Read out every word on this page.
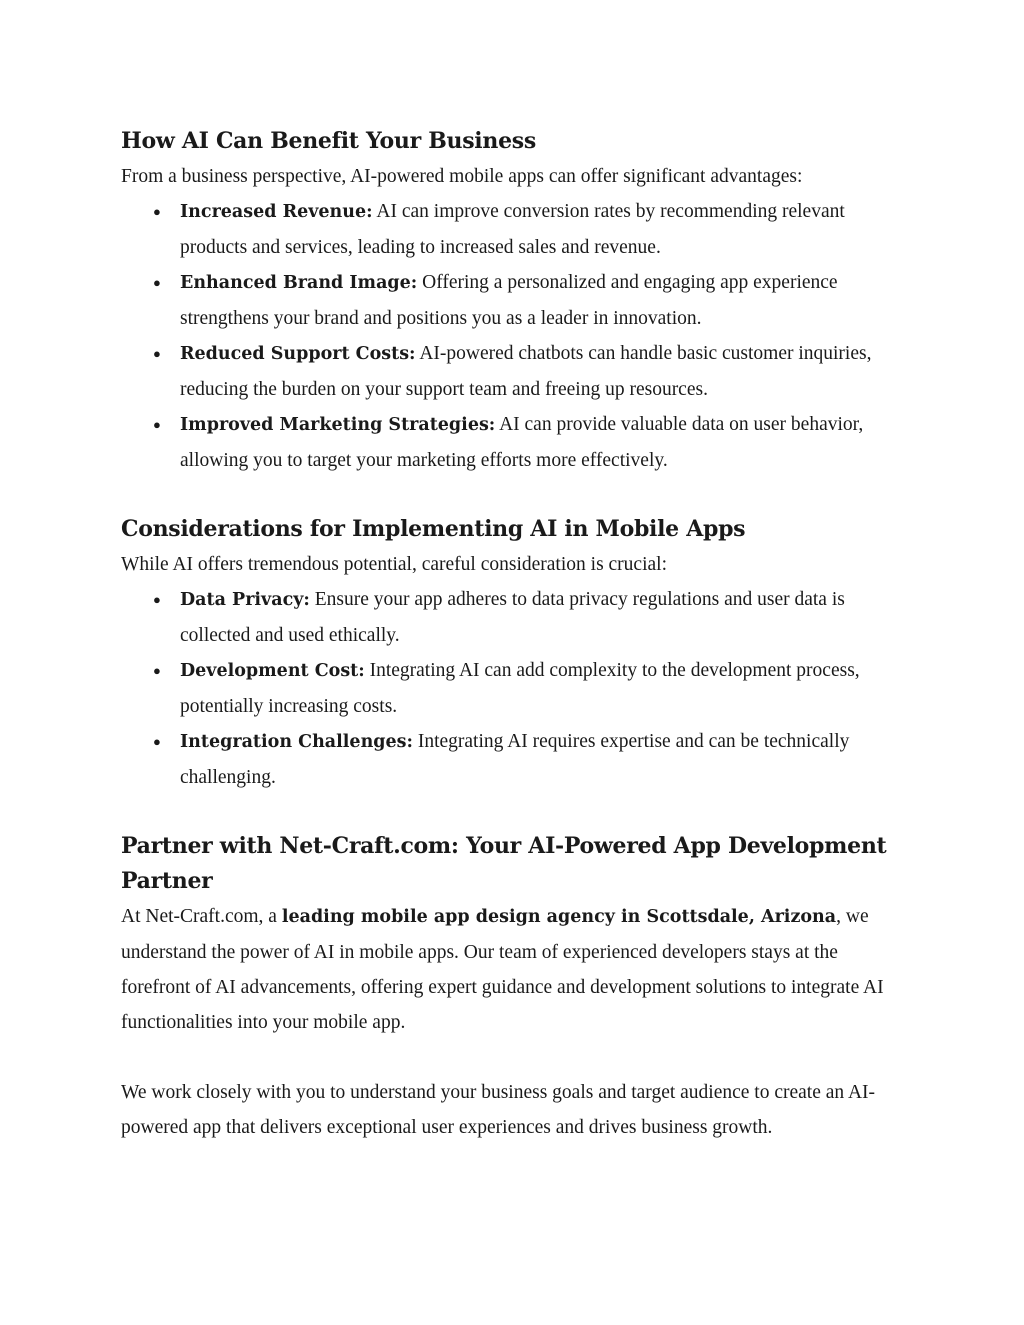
How AI Can Benefit Your Business

From a business perspective, AI-powered mobile apps can offer significant advantages:

● Increased Revenue: AI can improve conversion rates by recommending relevant products and services, leading to increased sales and revenue.
● Enhanced Brand Image: Offering a personalized and engaging app experience strengthens your brand and positions you as a leader in innovation.
● Reduced Support Costs: AI-powered chatbots can handle basic customer inquiries, reducing the burden on your support team and freeing up resources.
● Improved Marketing Strategies: AI can provide valuable data on user behavior, allowing you to target your marketing efforts more effectively.
Considerations for Implementing AI in Mobile Apps

While AI offers tremendous potential, careful consideration is crucial:

● Data Privacy: Ensure your app adheres to data privacy regulations and user data is collected and used ethically.
● Development Cost: Integrating AI can add complexity to the development process, potentially increasing costs.
● Integration Challenges: Integrating AI requires expertise and can be technically challenging.
Partner with Net-Craft.com: Your AI-Powered App Development Partner

At Net-Craft.com, a leading mobile app design agency in Scottsdale, Arizona, we understand the power of AI in mobile apps. Our team of experienced developers stays at the forefront of AI advancements, offering expert guidance and development solutions to integrate AI functionalities into your mobile app.

We work closely with you to understand your business goals and target audience to create an AI-powered app that delivers exceptional user experiences and drives business growth.
